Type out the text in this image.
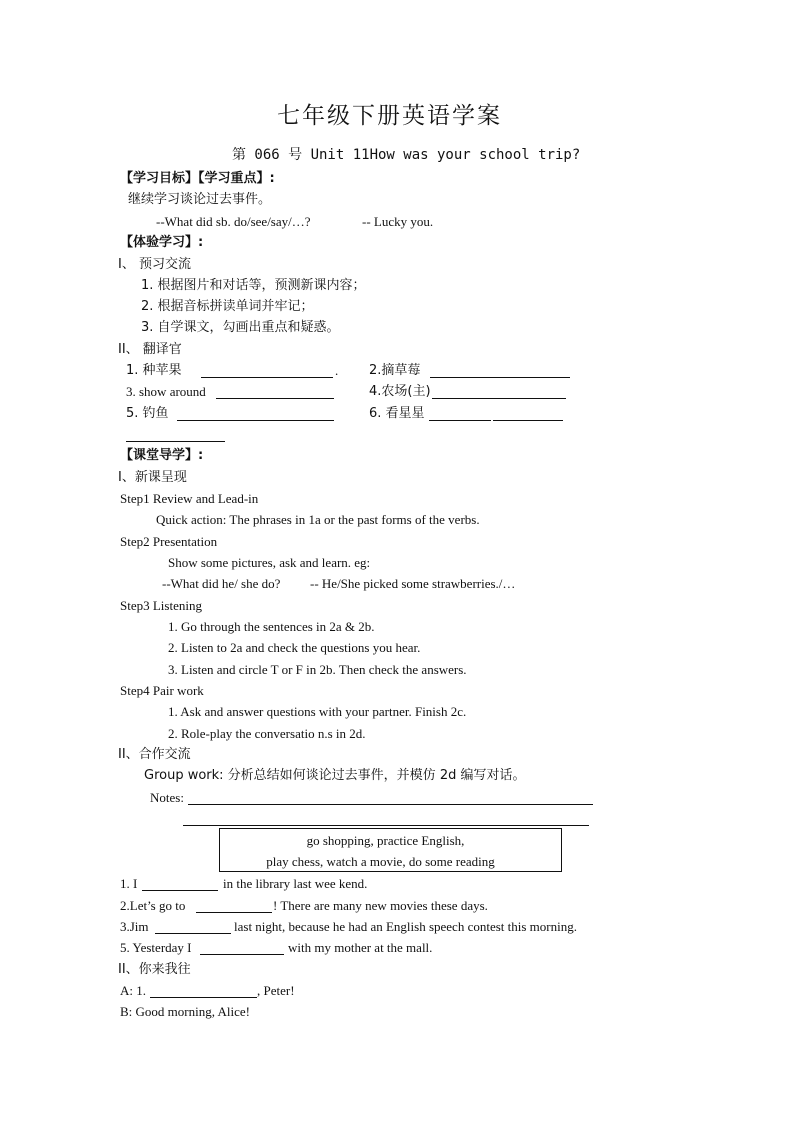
七年级下册英语学案
第 066 号 Unit 11How was your school trip?
【学习目标】【学习重点】:
继续学习谈论过去事件。
--What did sb. do/see/say/…?	-- Lucky you.
【体验学习】:
I、 预习交流
1. 根据图片和对话等，预测新课内容；
2. 根据音标拼读单词并牢记；
3. 自学课文，勾画出重点和疑惑。
II、 翻译官
1. 种苹果	. 2.摘草莓
3. show around	4.农场(主)
5. 钓鱼	6. 看星星
【课堂导学】:
I、新课呈现
Step1 Review and Lead-in
Quick action: The phrases in 1a or the past forms of the verbs.
Step2 Presentation
Show some pictures, ask and learn. eg:
--What did he/ she do? -- He/She picked some strawberries./…
Step3 Listening
1. Go through the sentences in 2a & 2b.
2. Listen to 2a and check the questions you hear.
3. Listen and circle T or F in 2b. Then check the answers.
Step4 Pair work
1. Ask and answer questions with your partner. Finish 2c.
2. Role-play the conversatio n.s in 2d.
II、合作交流
Group work: 分析总结如何谈论过去事件，并模仿 2d 编写对话。
Notes:
go shopping, practice English,
play chess, watch a movie, do some reading
1. I	in the library last wee kend.
2.Let’s go to	! There are many new movies these days.
3.Jim	last night, because he had an English speech contest this morning.
5. Yesterday I	with my mother at the mall.
II、你来我往
A: 1.	, Peter!
B: Good morning, Alice!
